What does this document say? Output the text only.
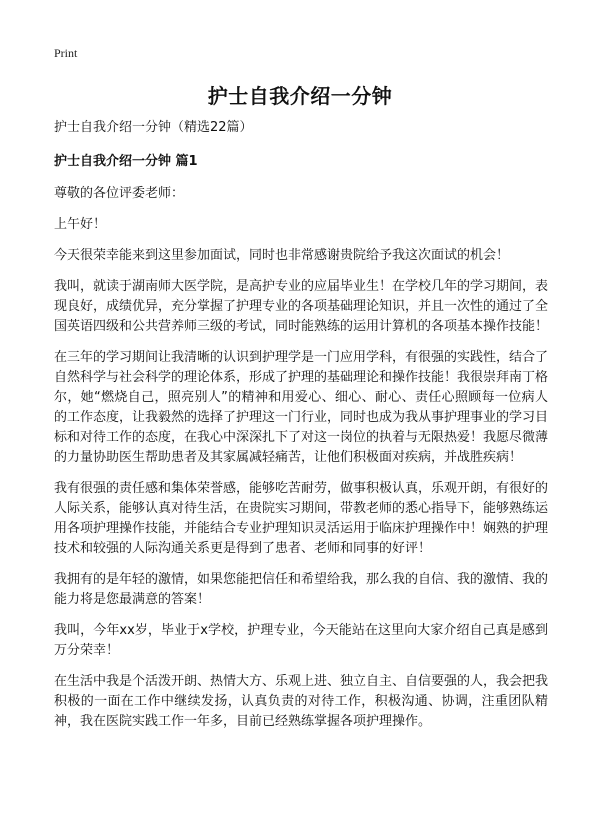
Print
护士自我介绍一分钟

护士自我介绍一分钟（精选22篇）

护士自我介绍一分钟 篇1

尊敬的各位评委老师：

上午好！

今天很荣幸能来到这里参加面试，同时也非常感谢贵院给予我这次面试的机会！

我叫，就读于湖南师大医学院，是高护专业的应届毕业生！在学校几年的学习期间，表现良好，成绩优异，充分掌握了护理专业的各项基础理论知识，并且一次性的通过了全国英语四级和公共营养师三级的考试，同时能熟练的运用计算机的各项基本操作技能！

在三年的学习期间让我清晰的认识到护理学是一门应用学科，有很强的实践性，结合了自然科学与社会科学的理论体系，形成了护理的基础理论和操作技能！我很崇拜南丁格尔，她“燃烧自己，照亮别人”的精神和用爱心、细心、耐心、责任心照顾每一位病人的工作态度，让我毅然的选择了护理这一门行业，同时也成为我从事护理事业的学习目标和对待工作的态度，在我心中深深扎下了对这一岗位的执着与无限热爱！我愿尽微薄的力量协助医生帮助患者及其家属减轻痛苦，让他们积极面对疾病，并战胜疾病！

我有很强的责任感和集体荣誉感，能够吃苦耐劳，做事积极认真，乐观开朗，有很好的人际关系，能够认真对待生活，在贵院实习期间，带教老师的悉心指导下，能够熟练运用各项护理操作技能，并能结合专业护理知识灵活运用于临床护理操作中！娴熟的护理技术和较强的人际沟通关系更是得到了患者、老师和同事的好评！

我拥有的是年轻的激情，如果您能把信任和希望给我，那么我的自信、我的激情、我的能力将是您最满意的答案！

我叫，今年xx岁，毕业于x学校，护理专业，今天能站在这里向大家介绍自己真是感到万分荣幸！

在生活中我是个活泼开朗、热情大方、乐观上进、独立自主、自信要强的人，我会把我积极的一面在工作中继续发扬，认真负责的对待工作，积极沟通、协调，注重团队精神，我在医院实践工作一年多，目前已经熟练掌握各项护理操作。
